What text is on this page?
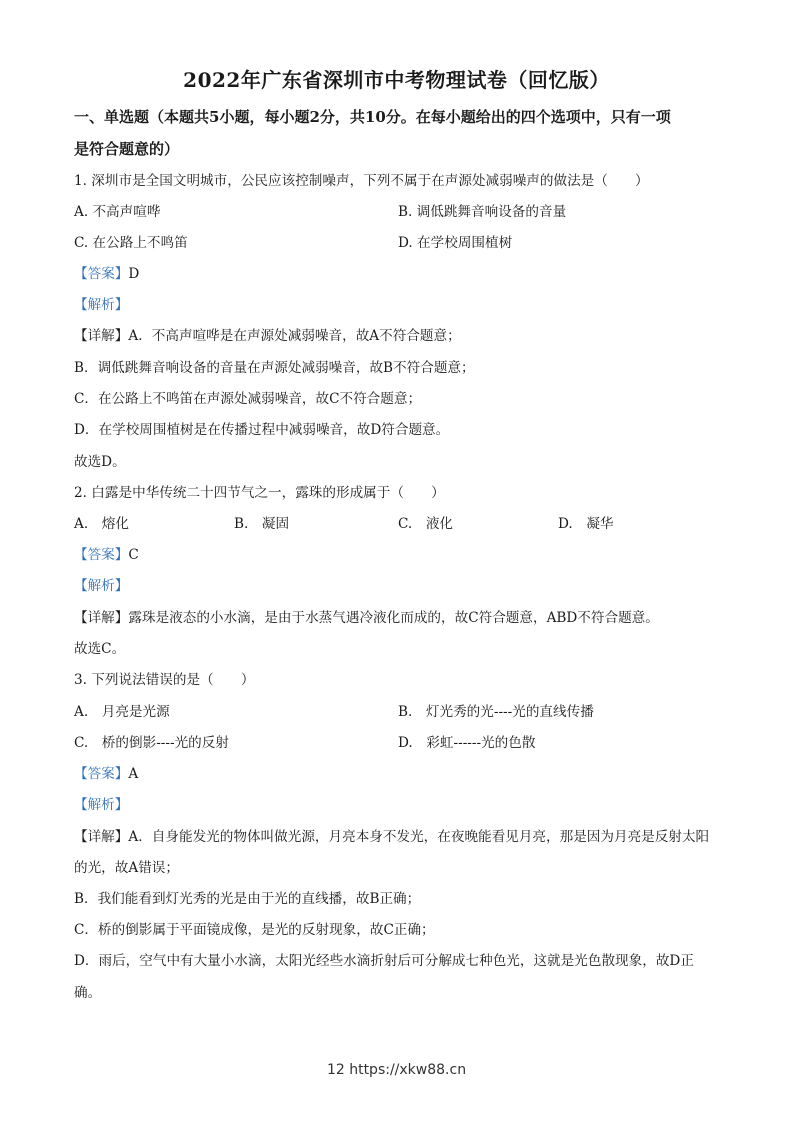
2022年广东省深圳市中考物理试卷（回忆版）
一、单选题（本题共5小题，每小题2分，共10分。在每小题给出的四个选项中，只有一项
是符合题意的）
1. 深圳市是全国文明城市，公民应该控制噪声，下列不属于在声源处减弱噪声的做法是（　　）
A. 不高声喧哗	B. 调低跳舞音响设备的音量
C. 在公路上不鸣笛	D. 在学校周围植树
【答案】D
【解析】
【详解】A．不高声喧哗是在声源处减弱噪音，故A不符合题意；
B．调低跳舞音响设备的音量在声源处减弱噪音，故B不符合题意；
C．在公路上不鸣笛在声源处减弱噪音，故C不符合题意；
D．在学校周围植树是在传播过程中减弱噪音，故D符合题意。
故选D。
2. 白露是中华传统二十四节气之一，露珠的形成属于（　　）
A.　熔化	B.　凝固	C.　液化	D.　凝华
【答案】C
【解析】
【详解】露珠是液态的小水滴，是由于水蒸气遇冷液化而成的，故C符合题意，ABD不符合题意。
故选C。
3. 下列说法错误的是（　　）
A.　月亮是光源	B.　灯光秀的光----光的直线传播
C.　桥的倒影----光的反射	D.　彩虹------光的色散
【答案】A
【解析】
【详解】A．自身能发光的物体叫做光源，月亮本身不发光，在夜晚能看见月亮，那是因为月亮是反射太阳
的光，故A错误；
B．我们能看到灯光秀的光是由于光的直线播，故B正确；
C．桥的倒影属于平面镜成像，是光的反射现象，故C正确；
D．雨后，空气中有大量小水滴，太阳光经些水滴折射后可分解成七种色光，这就是光色散现象，故D正
确。
12 https://xkw88.cn
